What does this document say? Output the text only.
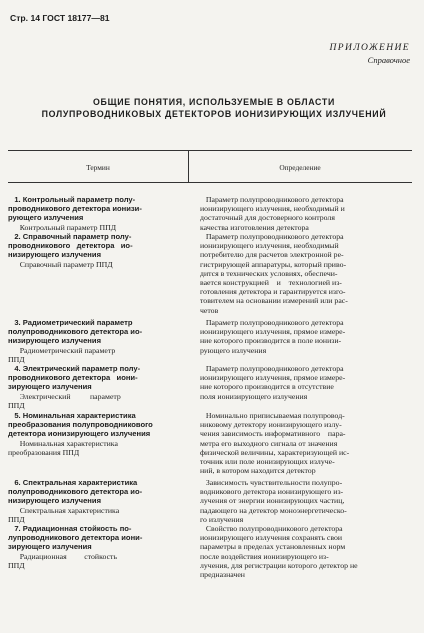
Стр. 14 ГОСТ 18177—81
ПРИЛОЖЕНИЕ
Справочное
ОБЩИЕ ПОНЯТИЯ, ИСПОЛЬЗУЕМЫЕ В ОБЛАСТИ
ПОЛУПРОВОДНИКОВЫХ ДЕТЕКТОРОВ ИОНИЗИРУЮЩИХ ИЗЛУЧЕНИЙ
Термин	Определение
1. Контрольный параметр полу-
проводникового детектора ионизи-
рующего излучения
Контрольный параметр ППД
2. Справочный параметр полу-
проводникового   детектора   ио-
низирующего излучения
Справочный параметр ППД
3. Радиометрический параметр
полупроводникового детектора ио-
низирующего излучения
Радиометрический параметр
ППД
4. Электрический параметр полу-
проводникового детектора   иони-
зирующего излучения
Электрический          параметр
ППД
5. Номинальная характеристика
преобразования полупроводникового
детектора ионизирующего излучения
Номинальная характеристика
преобразования ППД
6. Спектральная характеристика
полупроводникового детектора ио-
низирующего излучения
Спектральная характеристика
ППД
7. Радиационная стойкость по-
лупроводникового детектора иони-
зирующего излучения
Радиационная         стойкость
ППД
Параметр полупроводникового детектора
ионизирующего излучения, необходимый и
достаточный для достоверного контроля
качества изготовления детектора
Параметр полупроводникового детектора
ионизирующего излучения, необходимый
потребителю для расчетов электронной ре-
гистрирующей аппаратуры, который приво-
дится в технических условиях, обеспечи-
вается конструкцией    и    технологией из-
готовления детектора и гарантируется изго-
товителем на основании измерений или рас-
четов
Параметр полупроводникового детектора
ионизирующего излучения, прямое измере-
ние которого производится в поле ионизи-
рующего излучения
Параметр полупроводникового детектора
ионизирующего излучения, прямое измере-
ние которого производится в отсутствие
поля ионизирующего излучения
Номинально приписываемая полупровод-
никовому детектору ионизирующего излу-
чения зависимость информативного    пара-
метра его выходного сигнала от значения
физической величины, характеризующей ис-
точник или поле ионизирующих излуче-
ний, в котором находится детектор
Зависимость чувствительности полупро-
водникового детектора ионизирующего из-
лучения от энергии ионизирующих частиц,
падающего на детектор моноэнергетическо-
го излучения
Свойство полупроводникового детектора
ионизирующего излучения сохранять свои
параметры в пределах установленных норм
после воздействия ионизирующего из-
лучения, для регистрации которого детектор не
предназначен
